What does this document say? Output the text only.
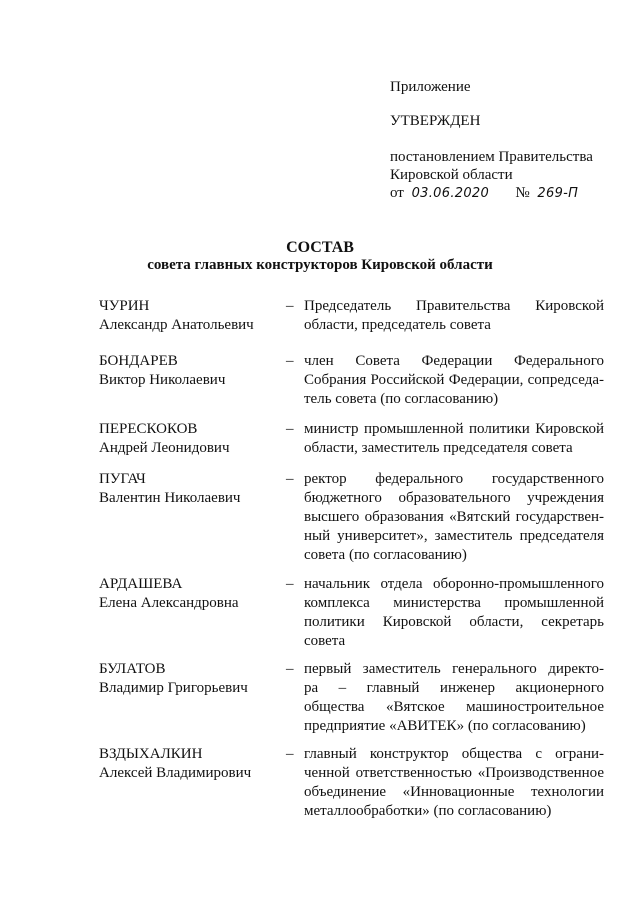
Приложение
УТВЕРЖДЕН
постановлением Правительства
Кировской области
от 03.06.2020 № 269-П
СОСТАВ
совета главных конструкторов Кировской области
ЧУРИН
Александр Анатольевич
– Председатель Правительства Кировской
области, председатель совета
БОНДАРЕВ
Виктор Николаевич
– член Совета Федерации Федерального
Собрания Российской Федерации, сопредседа-
тель совета (по согласованию)
ПЕРЕСКОКОВ
Андрей Леонидович
– министр промышленной политики Кировской
области, заместитель председателя совета
ПУГАЧ
Валентин Николаевич
– ректор федерального государственного
бюджетного образовательного учреждения
высшего образования «Вятский государствен-
ный университет», заместитель председателя
совета (по согласованию)
АРДАШЕВА
Елена Александровна
– начальник отдела оборонно-промышленного
комплекса министерства промышленной
политики Кировской области, секретарь
совета
БУЛАТОВ
Владимир Григорьевич
– первый заместитель генерального директо-
ра – главный инженер акционерного
общества «Вятское машиностроительное
предприятие «АВИТЕК» (по согласованию)
ВЗДЫХАЛКИН
Алексей Владимирович
– главный конструктор общества с ограни-
ченной ответственностью «Производственное
объединение «Инновационные технологии
металлообработки» (по согласованию)
